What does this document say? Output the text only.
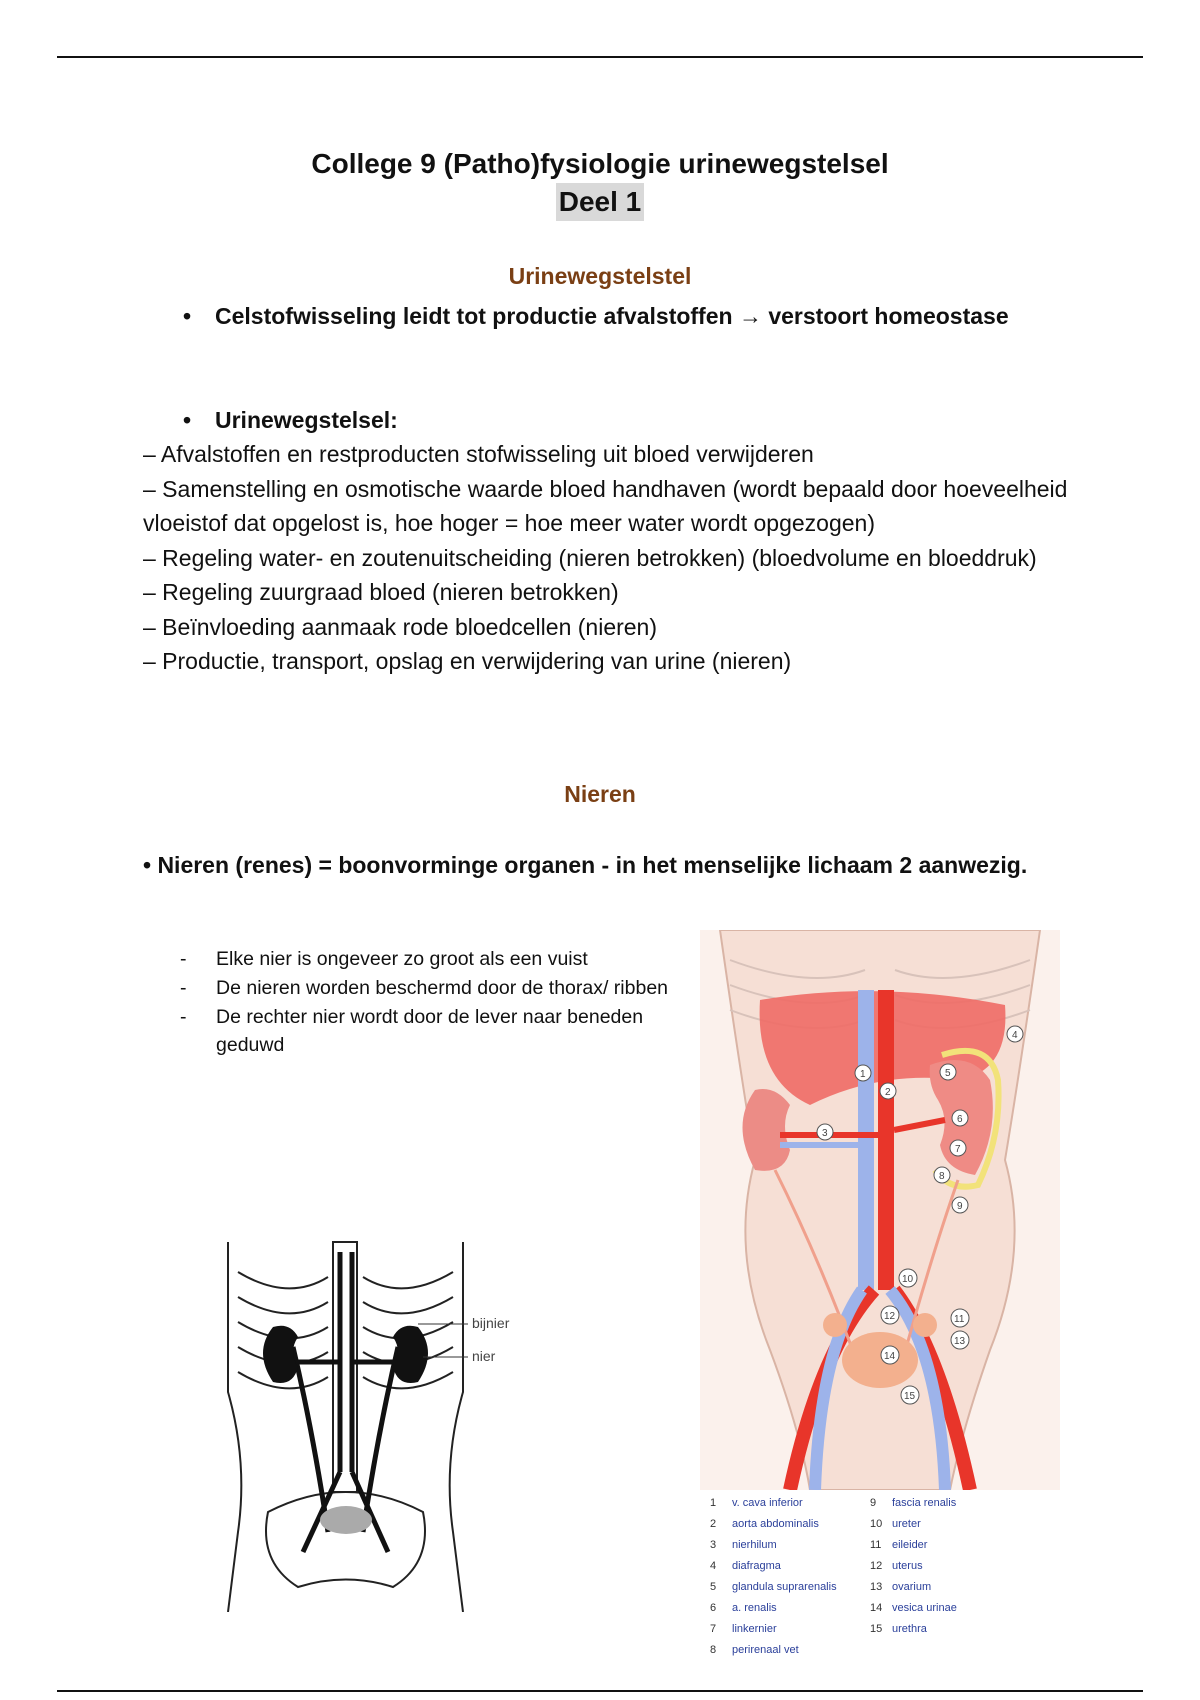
College 9 (Patho)fysiologie urinewegstelsel
Deel 1
Urinewegstelstel
• Celstofwisseling leidt tot productie afvalstoffen → verstoort homeostase
• Urinewegstelsel:
– Afvalstoffen en restproducten stofwisseling uit bloed verwijderen
– Samenstelling en osmotische waarde bloed handhaven (wordt bepaald door hoeveelheid vloeistof dat opgelost is, hoe hoger = hoe meer water wordt opgezogen)
– Regeling water- en zoutenuitscheiding (nieren betrokken) (bloedvolume en bloeddruk)
– Regeling zuurgraad bloed (nieren betrokken)
– Beïnvloeding aanmaak rode bloedcellen (nieren)
– Productie, transport, opslag en verwijdering van urine (nieren)
Nieren
• Nieren (renes) = boonvorminge organen - in het menselijke lichaam 2 aanwezig.
- Elke nier is ongeveer zo groot als een vuist
- De nieren worden beschermd door de thorax/ ribben
- De rechter nier wordt door de lever naar beneden geduwd
bijnier
nier
1
2
3
4
5
6
7
8
9
10
11
12
13
14
15
1 v. cava inferior
2 aorta abdominalis
3 nierhilum
4 diafragma
5 glandula suprarenalis
6 a. renalis
7 linkernier
8 perirenaal vet
9 fascia renalis
10 ureter
11 eileider
12 uterus
13 ovarium
14 vesica urinae
15 urethra
